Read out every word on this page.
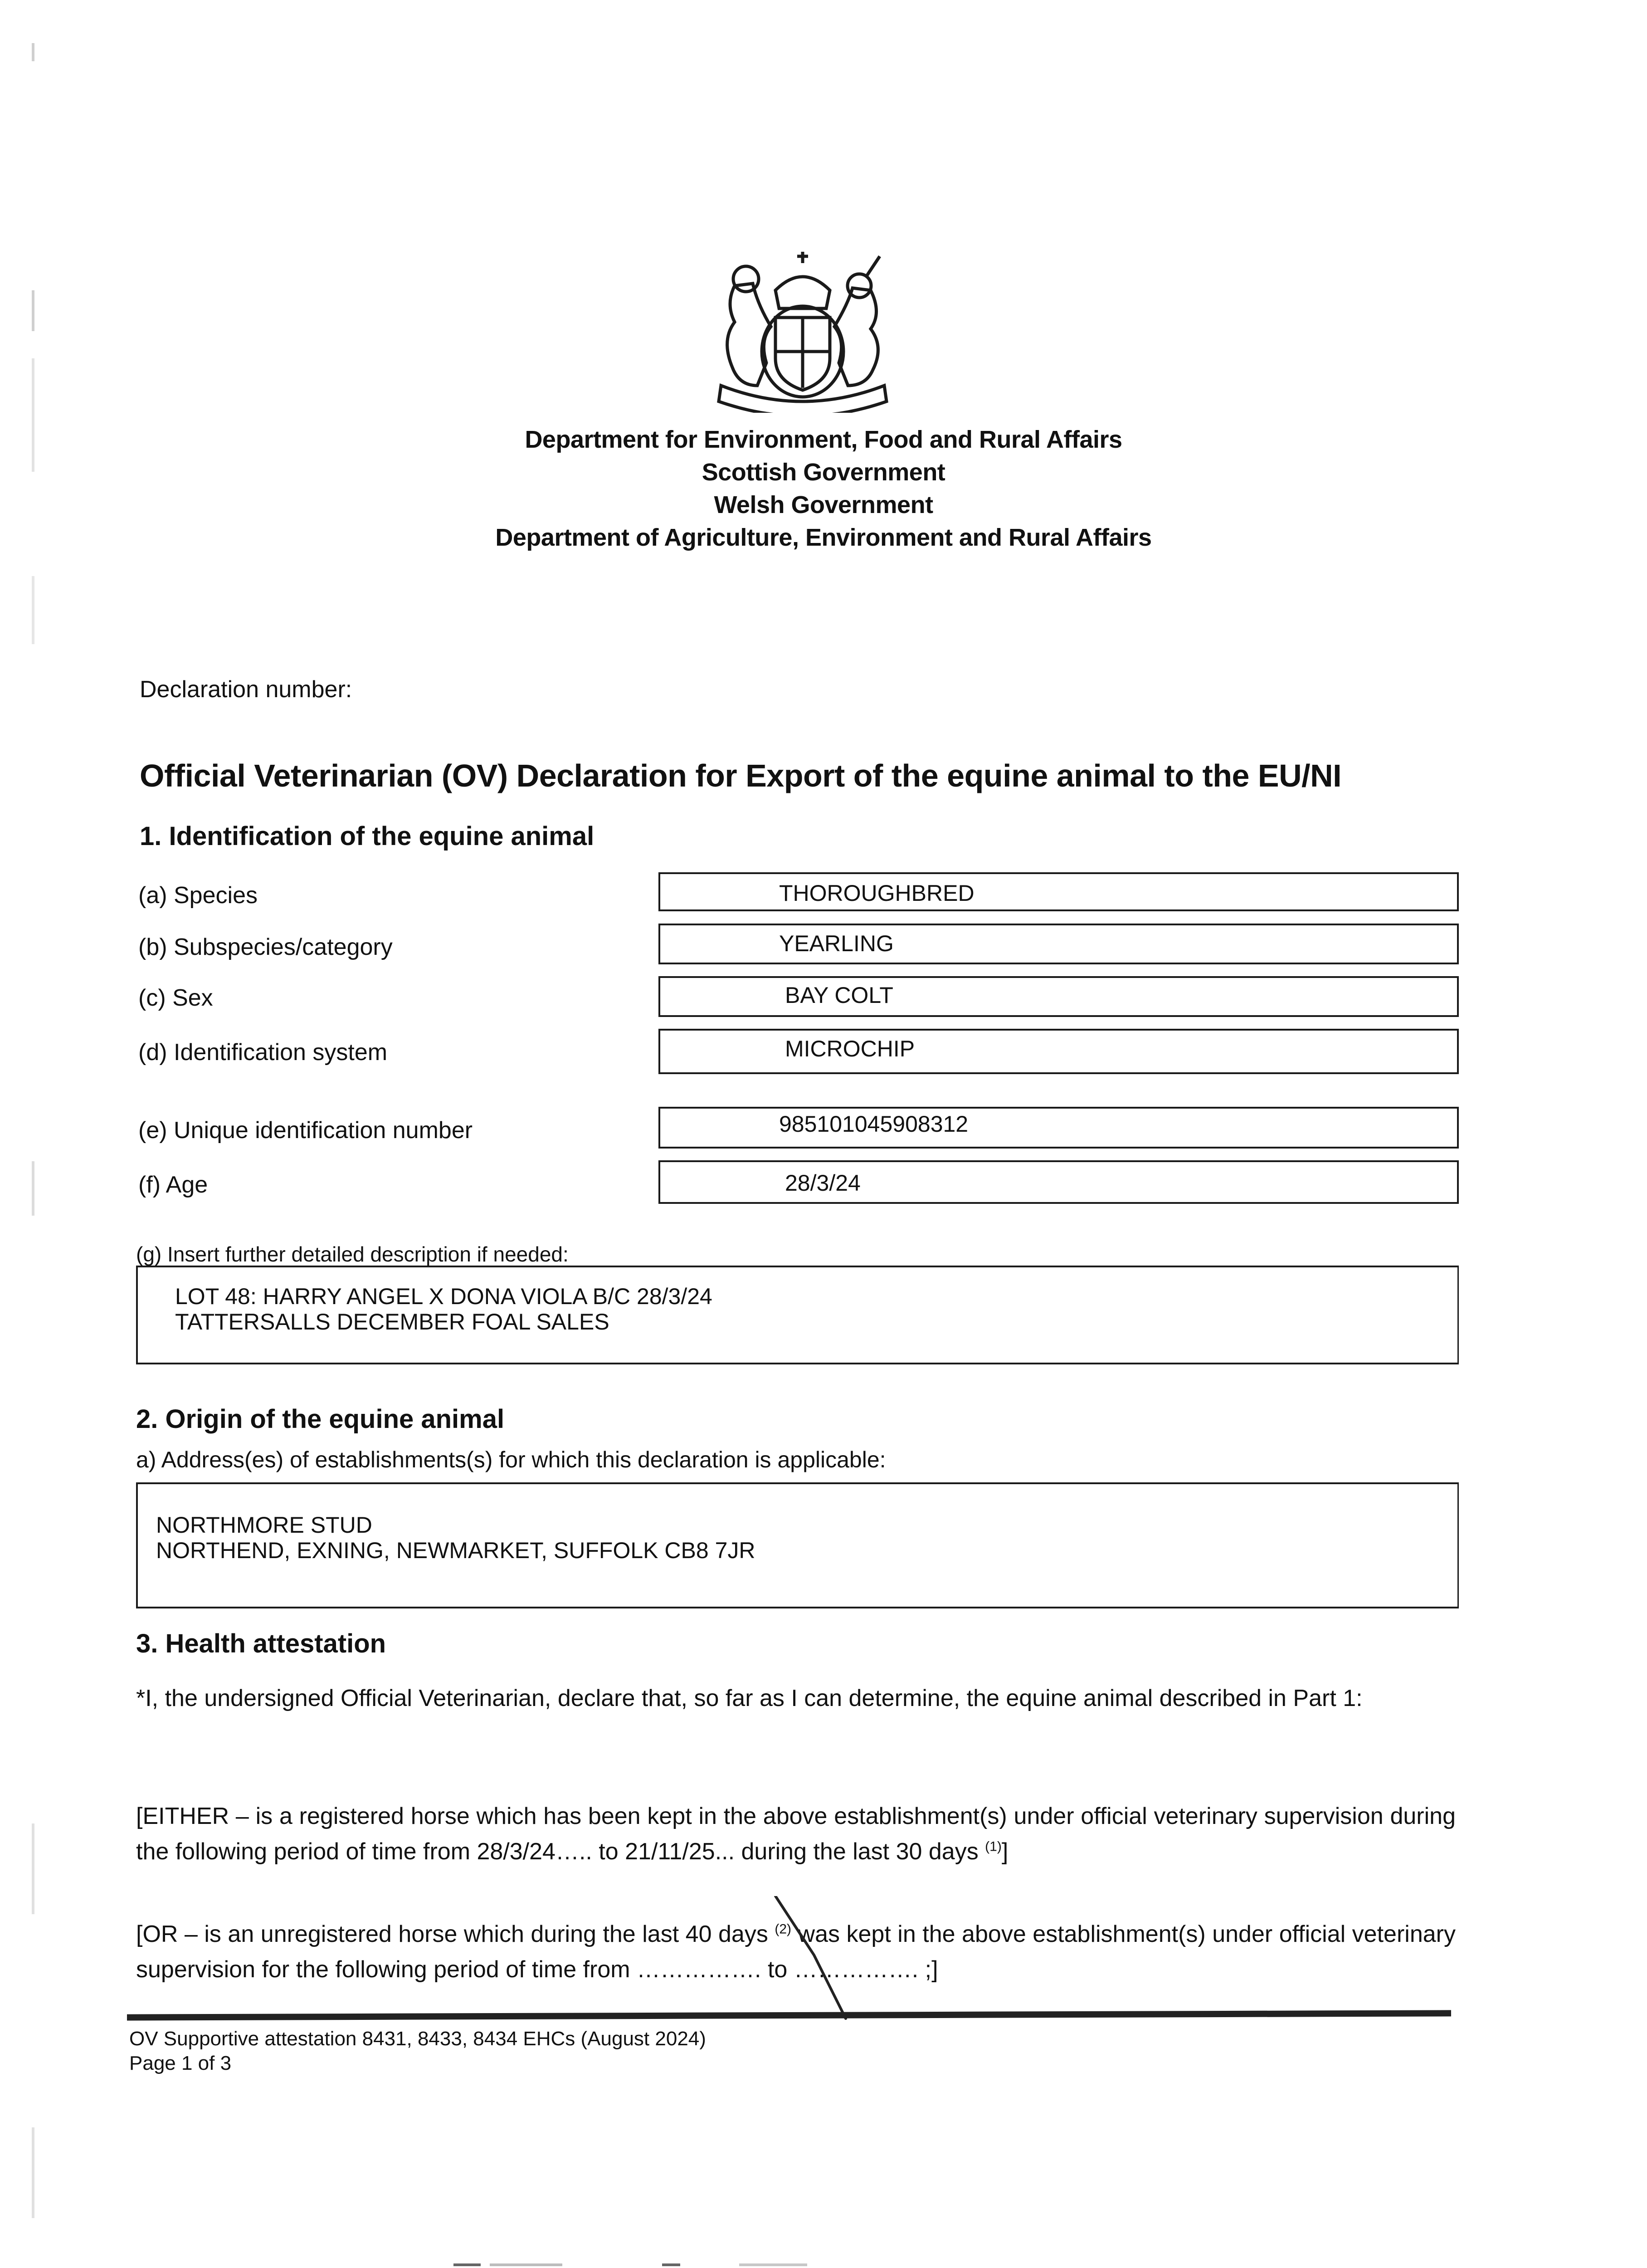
Department for Environment, Food and Rural Affairs
Scottish Government
Welsh Government
Department of Agriculture, Environment and Rural Affairs
Declaration number:
Official Veterinarian (OV) Declaration for Export of the equine animal to the EU/NI
1. Identification of the equine animal
(a) Species	THOROUGHBRED
(b) Subspecies/category	YEARLING
(c) Sex	BAY COLT
(d) Identification system	MICROCHIP
(e) Unique identification number	985101045908312
(f) Age	28/3/24
(g) Insert further detailed description if needed:
LOT 48: HARRY ANGEL X DONA VIOLA B/C 28/3/24
TATTERSALLS DECEMBER FOAL SALES
2. Origin of the equine animal
a) Address(es) of establishments(s) for which this declaration is applicable:
NORTHMORE STUD
NORTHEND, EXNING, NEWMARKET, SUFFOLK CB8 7JR
3. Health attestation
*I, the undersigned Official Veterinarian, declare that, so far as I can determine, the equine animal described in Part 1:
[EITHER – is a registered horse which has been kept in the above establishment(s) under official veterinary supervision during the following period of time from 28/3/24….. to 21/11/25... during the last 30 days $^{(1)}$]
[OR – is an unregistered horse which during the last 40 days $^{(2)}$ was kept in the above establishment(s) under official veterinary supervision for the following period of time from ……………. to ……………. ;]
OV Supportive attestation 8431, 8433, 8434 EHCs (August 2024)
Page 1 of 3
